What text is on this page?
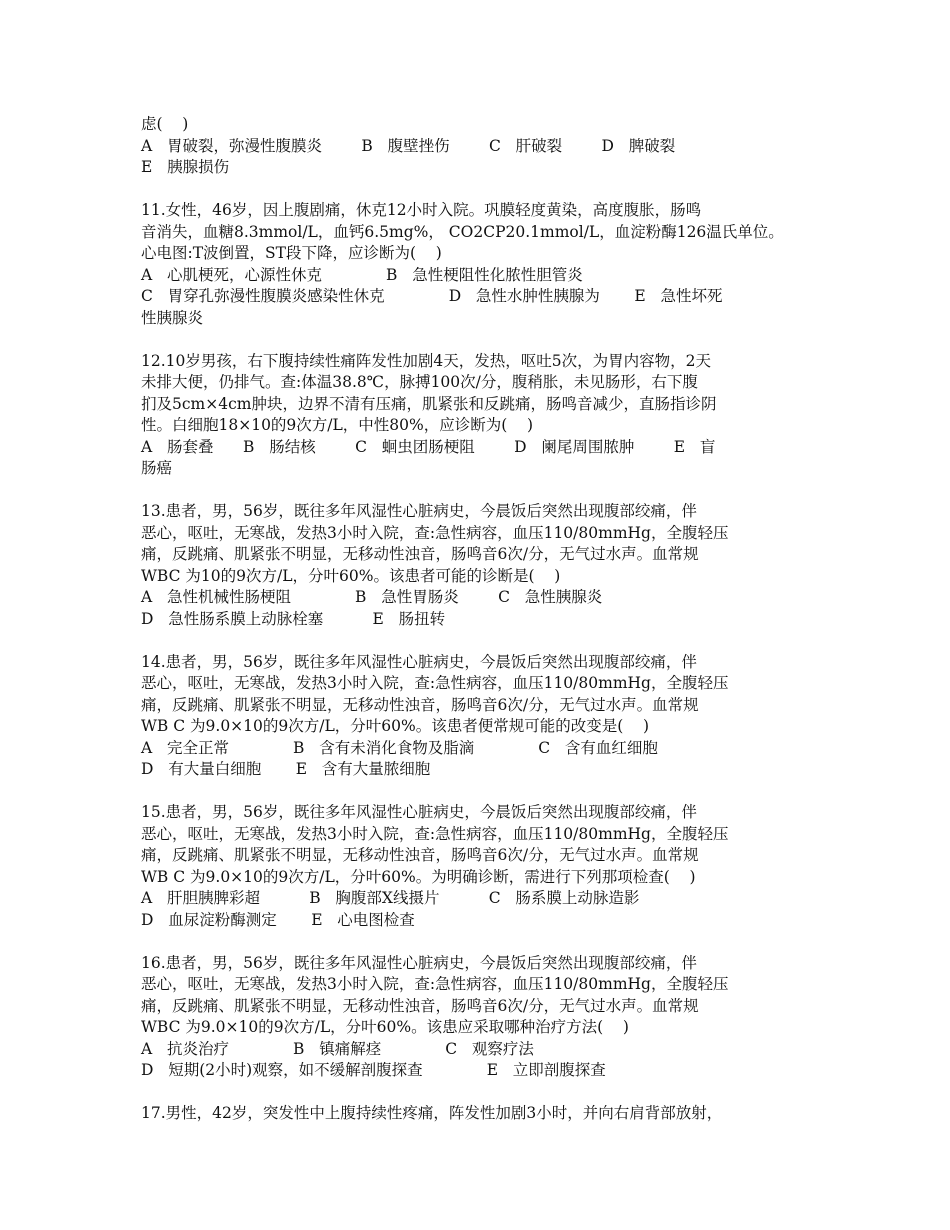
虑(    )
A   胃破裂，弥漫性腹膜炎        B   腹壁挫伤        C   肝破裂        D   脾破裂
E   胰腺损伤
11.女性，46岁，因上腹剧痛，休克12小时入院。巩膜轻度黄染，高度腹胀，肠鸣
音消失，血糖8.3mmol/L，血钙6.5mg%， CO2CP20.1mmol/L，血淀粉酶126温氏单位。
心电图:T波倒置，ST段下降，应诊断为(    )
A   心肌梗死，心源性休克             B   急性梗阻性化脓性胆管炎
C   胃穿孔弥漫性腹膜炎感染性休克             D   急性水肿性胰腺为       E   急性坏死
性胰腺炎
12.10岁男孩，右下腹持续性痛阵发性加剧4天，发热，呕吐5次，为胃内容物，2天
未排大便，仍排气。查:体温38.8℃，脉搏100次/分，腹稍胀，未见肠形，右下腹
扪及5cm×4cm肿块，边界不清有压痛，肌紧张和反跳痛，肠鸣音减少，直肠指诊阴
性。白细胞18×10的9次方/L，中性80%，应诊断为(    )
A   肠套叠      B   肠结核        C   蛔虫团肠梗阻        D   阑尾周围脓肿        E   盲
肠癌
13.患者，男，56岁，既往多年风湿性心脏病史，今晨饭后突然出现腹部绞痛，伴
恶心，呕吐，无寒战，发热3小时入院，查:急性病容，血压110/80mmHg，全腹轻压
痛，反跳痛、肌紧张不明显，无移动性浊音，肠鸣音6次/分，无气过水声。血常规
WBC 为10的9次方/L，分叶60%。该患者可能的诊断是(    )
A   急性机械性肠梗阻             B   急性胃肠炎        C   急性胰腺炎
D   急性肠系膜上动脉栓塞          E   肠扭转
14.患者，男，56岁，既往多年风湿性心脏病史，今晨饭后突然出现腹部绞痛，伴
恶心，呕吐，无寒战，发热3小时入院，查:急性病容，血压110/80mmHg，全腹轻压
痛，反跳痛、肌紧张不明显，无移动性浊音，肠鸣音6次/分，无气过水声。血常规
WB C 为9.0×10的9次方/L，分叶60%。该患者便常规可能的改变是(    )
A   完全正常             B   含有未消化食物及脂滴             C   含有血红细胞
D   有大量白细胞       E   含有大量脓细胞
15.患者，男，56岁，既往多年风湿性心脏病史，今晨饭后突然出现腹部绞痛，伴
恶心，呕吐，无寒战，发热3小时入院，查:急性病容，血压110/80mmHg，全腹轻压
痛，反跳痛、肌紧张不明显，无移动性浊音，肠鸣音6次/分，无气过水声。血常规
WB C 为9.0×10的9次方/L，分叶60%。为明确诊断，需进行下列那项检查(    )
A   肝胆胰脾彩超          B   胸腹部X线摄片          C   肠系膜上动脉造影
D   血尿淀粉酶测定       E   心电图检查
16.患者，男，56岁，既往多年风湿性心脏病史，今晨饭后突然出现腹部绞痛，伴
恶心，呕吐，无寒战，发热3小时入院，查:急性病容，血压110/80mmHg，全腹轻压
痛，反跳痛、肌紧张不明显，无移动性浊音，肠鸣音6次/分，无气过水声。血常规
WBC 为9.0×10的9次方/L，分叶60%。该患应采取哪种治疗方法(    )
A   抗炎治疗             B   镇痛解痉             C   观察疗法
D   短期(2小时)观察，如不缓解剖腹探查             E   立即剖腹探查
17.男性，42岁，突发性中上腹持续性疼痛，阵发性加剧3小时，并向右肩背部放射，
